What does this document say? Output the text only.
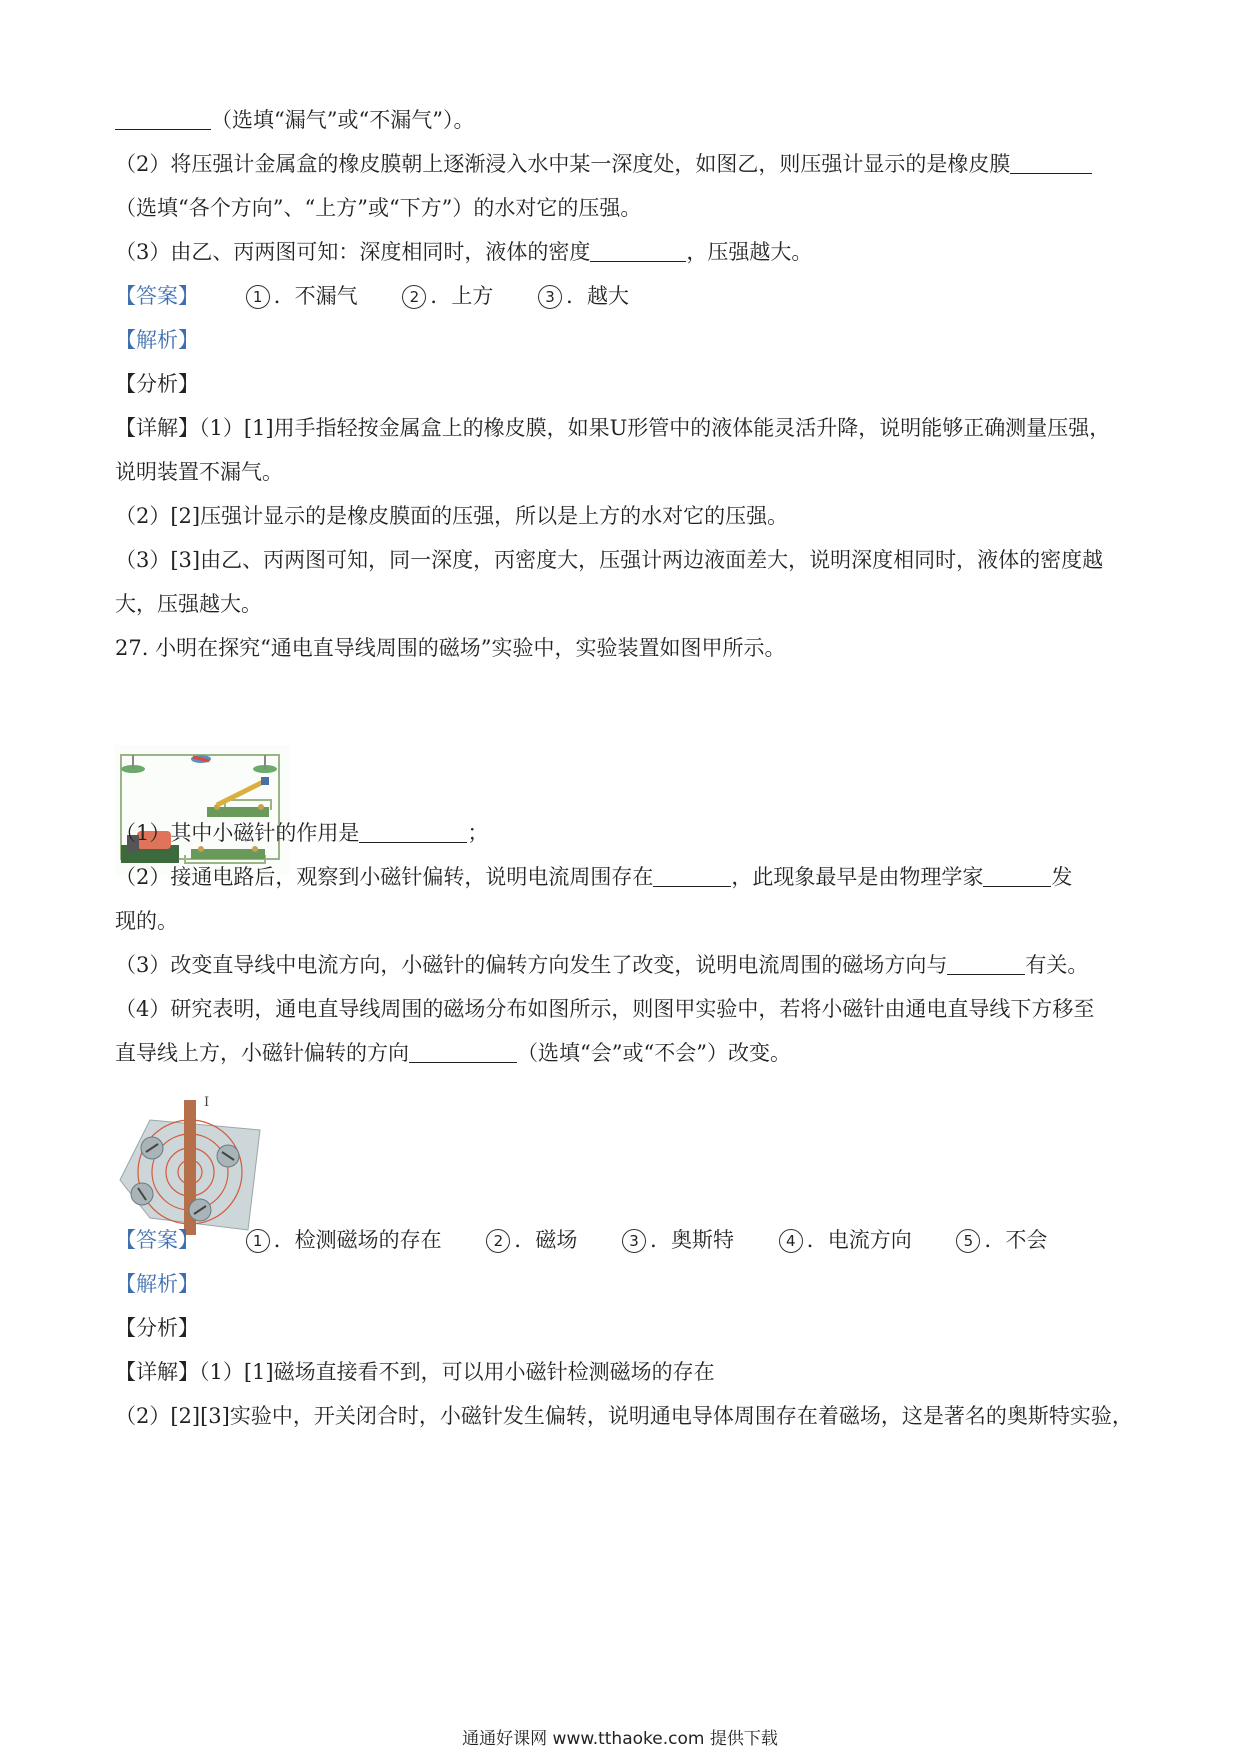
（选填“漏气”或“不漏气”）。
（2）将压强计金属盒的橡皮膜朝上逐渐浸入水中某一深度处，如图乙，则压强计显示的是橡皮膜
（选填“各个方向”、“上方”或“下方”）的水对它的压强。
（3）由乙、丙两图可知：深度相同时，液体的密度	，压强越大。
【答案】	1 ．不漏气	2 ．上方	3 ．越大
【解析】
【分析】
【详解】（1）[1]用手指轻按金属盒上的橡皮膜，如果U形管中的液体能灵活升降，说明能够正确测量压强，
说明装置不漏气。
（2）[2]压强计显示的是橡皮膜面的压强，所以是上方的水对它的压强。
（3）[3]由乙、丙两图可知，同一深度，丙密度大，压强计两边液面差大，说明深度相同时，液体的密度越
大，压强越大。
27. 小明在探究“通电直导线周围的磁场”实验中，实验装置如图甲所示。
（1）其中小磁针的作用是	；
（2）接通电路后，观察到小磁针偏转，说明电流周围存在	，此现象最早是由物理学家	发
现的。
（3）改变直导线中电流方向，小磁针的偏转方向发生了改变，说明电流周围的磁场方向与	有关。
（4）研究表明，通电直导线周围的磁场分布如图所示，则图甲实验中，若将小磁针由通电直导线下方移至
直导线上方，小磁针偏转的方向	（选填“会”或“不会”）改变。
I
【答案】	1 ．检测磁场的存在	2 ．磁场	3 ．奥斯特	4 ．电流方向	5 ．不会
【解析】
【分析】
【详解】（1）[1]磁场直接看不到，可以用小磁针检测磁场的存在
（2）[2][3]实验中，开关闭合时，小磁针发生偏转，说明通电导体周围存在着磁场，这是著名的奥斯特实验，
通通好课网 www.tthaoke.com 提供下载
